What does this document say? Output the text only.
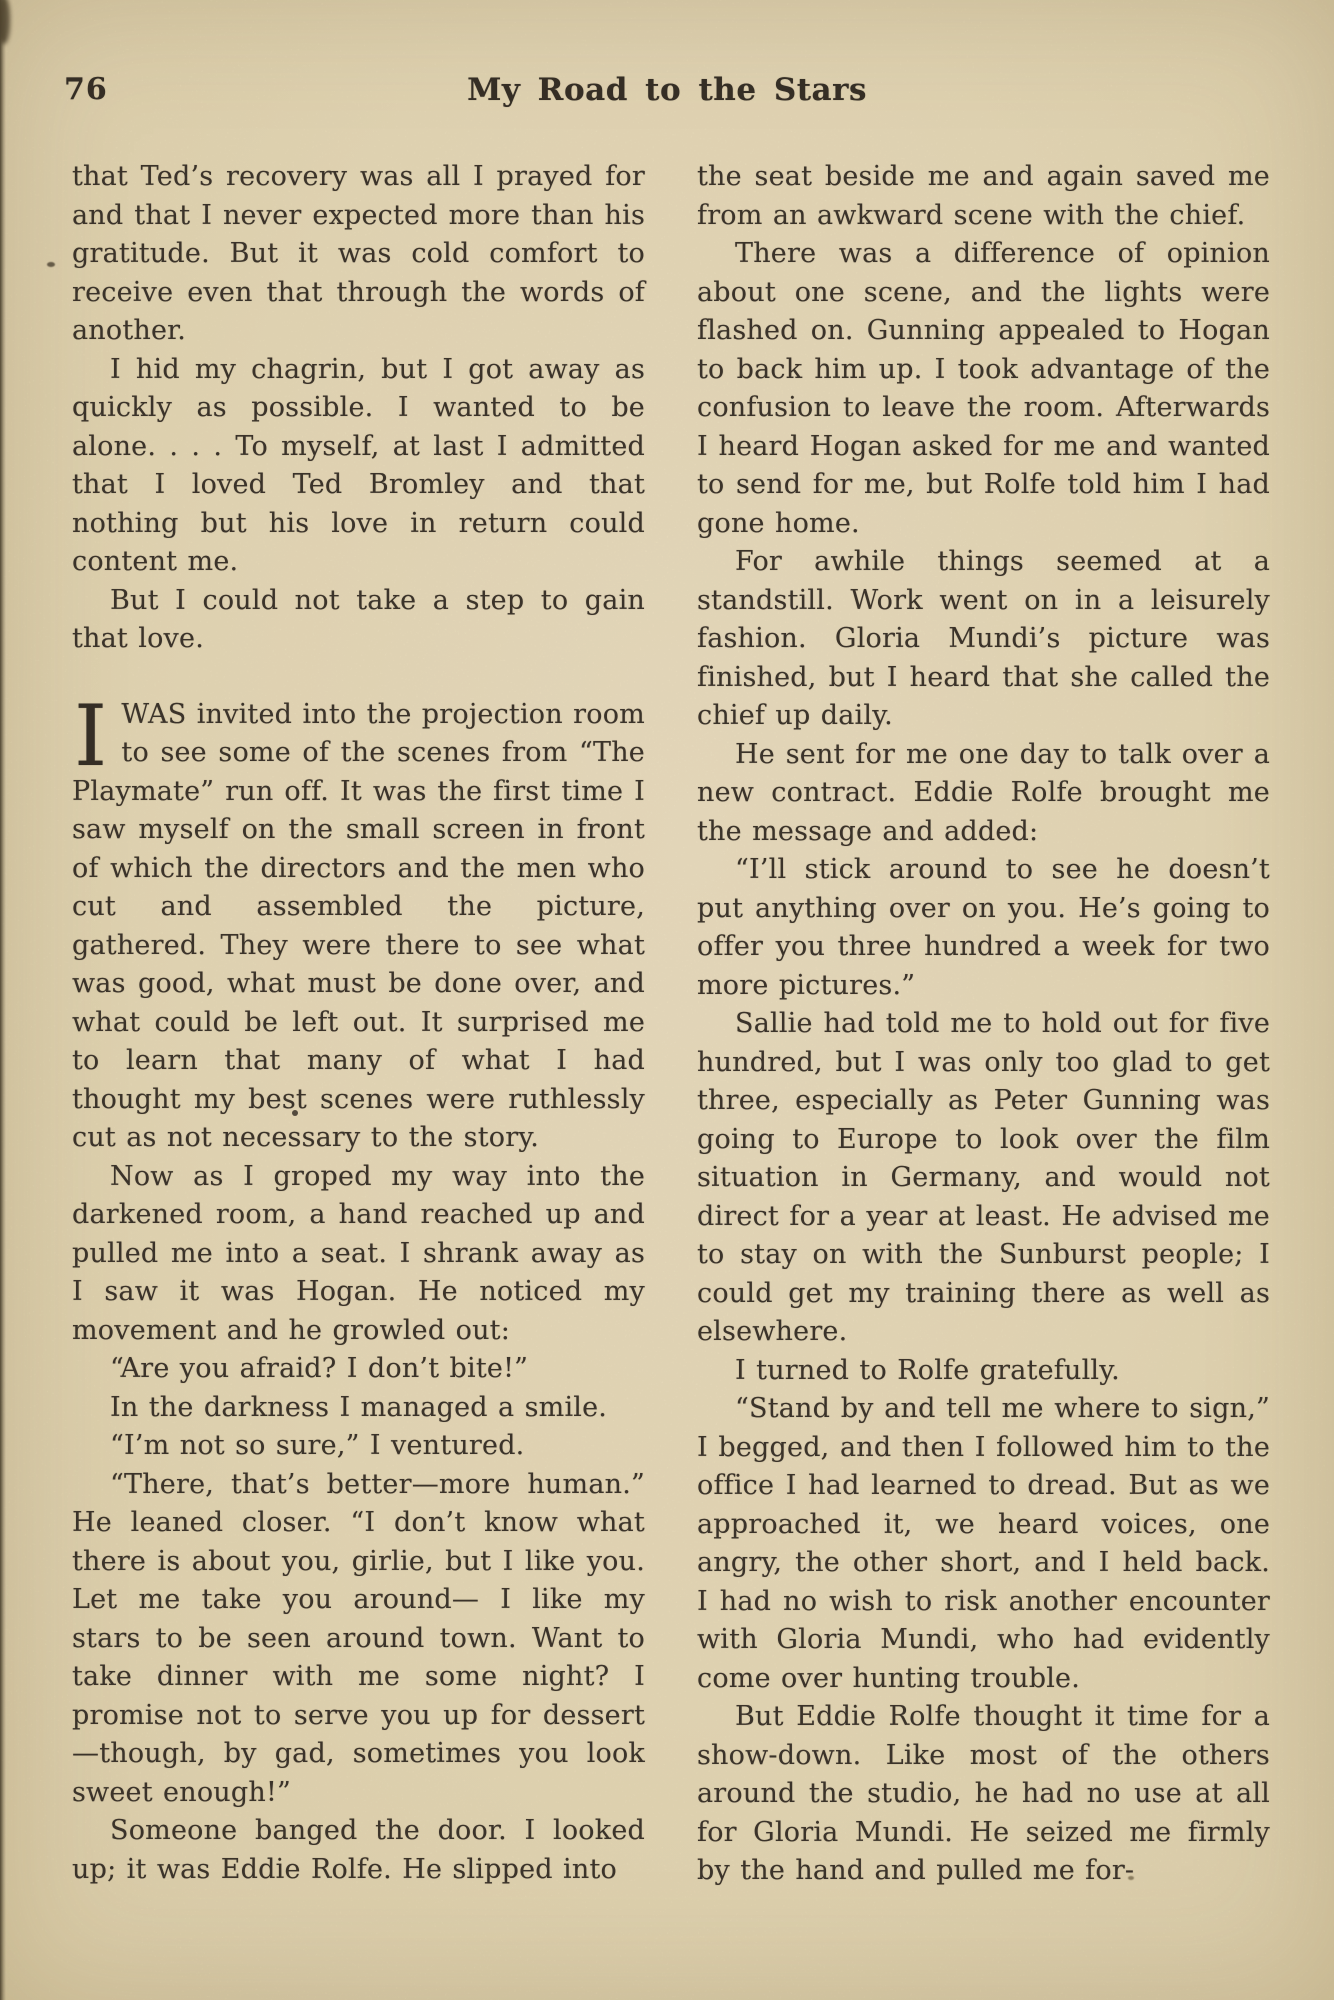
76	My Road to the Stars

that Ted’s recovery was all I prayed for and that I never expected more than his gratitude. But it was cold comfort to receive even that through the words of another.

I hid my chagrin, but I got away as quickly as possible. I wanted to be alone. . . . To myself, at last I admitted that I loved Ted Bromley and that nothing but his love in return could content me.

But I could not take a step to gain that love.

IWAS invited into the projection room to see some of the scenes from “The Playmate” run off. It was the first time I saw myself on the small screen in front of which the directors and the men who cut and assembled the picture, gathered. They were there to see what was good, what must be done over, and what could be left out. It surprised me to learn that many of what I had thought my best scenes were ruthlessly cut as not necessary to the story.

Now as I groped my way into the darkened room, a hand reached up and pulled me into a seat. I shrank away as I saw it was Hogan. He noticed my movement and he growled out:

“Are you afraid? I don’t bite!”

In the darkness I managed a smile.

“I’m not so sure,” I ventured.

“There, that’s better—more human.” He leaned closer. “I don’t know what there is about you, girlie, but I like you. Let me take you around— I like my stars to be seen around town. Want to take dinner with me some night? I promise not to serve you up for dessert—though, by gad, sometimes you look sweet enough!”

Someone banged the door. I looked up; it was Eddie Rolfe. He slipped into

the seat beside me and again saved me from an awkward scene with the chief.

There was a difference of opinion about one scene, and the lights were flashed on. Gunning appealed to Hogan to back him up. I took advantage of the confusion to leave the room. Afterwards I heard Hogan asked for me and wanted to send for me, but Rolfe told him I had gone home.

For awhile things seemed at a standstill. Work went on in a leisurely fashion. Gloria Mundi’s picture was finished, but I heard that she called the chief up daily.

He sent for me one day to talk over a new contract. Eddie Rolfe brought me the message and added:

“I’ll stick around to see he doesn’t put anything over on you. He’s going to offer you three hundred a week for two more pictures.”

Sallie had told me to hold out for five hundred, but I was only too glad to get three, especially as Peter Gunning was going to Europe to look over the film situation in Germany, and would not direct for a year at least. He advised me to stay on with the Sunburst people; I could get my training there as well as elsewhere.

I turned to Rolfe gratefully.

“Stand by and tell me where to sign,” I begged, and then I followed him to the office I had learned to dread. But as we approached it, we heard voices, one angry, the other short, and I held back. I had no wish to risk another encounter with Gloria Mundi, who had evidently come over hunting trouble.

But Eddie Rolfe thought it time for a show-down. Like most of the others around the studio, he had no use at all for Gloria Mundi. He seized me firmly by the hand and pulled me for-
